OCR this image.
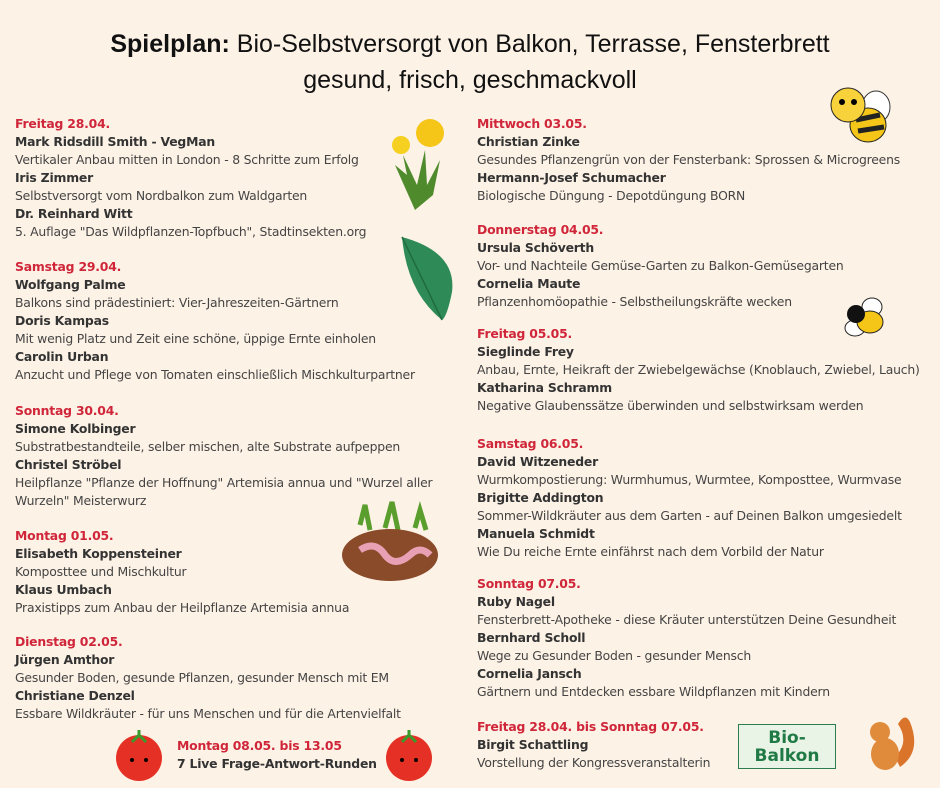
Spielplan: Bio-Selbstversorgt von Balkon, Terrasse, Fensterbrett
gesund, frisch, geschmackvoll
Freitag 28.04.
Mark Ridsdill Smith - VegMan
Vertikaler Anbau mitten in London - 8 Schritte zum Erfolg
Iris Zimmer
Selbstversorgt vom Nordbalkon zum Waldgarten
Dr. Reinhard Witt
5. Auflage "Das Wildpflanzen-Topfbuch", Stadtinsekten.org
Samstag 29.04.
Wolfgang Palme
Balkons sind prädestiniert: Vier-Jahreszeiten-Gärtnern
Doris Kampas
Mit wenig Platz und Zeit eine schöne, üppige Ernte einholen
Carolin Urban
Anzucht und Pflege von Tomaten einschließlich Mischkulturpartner
Sonntag 30.04.
Simone Kolbinger
Substratbestandteile, selber mischen, alte Substrate aufpeppen
Christel Ströbel
Heilpflanze "Pflanze der Hoffnung" Artemisia annua und "Wurzel aller Wurzeln" Meisterwurz
Montag 01.05.
Elisabeth Koppensteiner
Komposttee und Mischkultur
Klaus Umbach
Praxistipps zum Anbau der Heilpflanze Artemisia annua
Dienstag 02.05.
Jürgen Amthor
Gesunder Boden, gesunde Pflanzen, gesunder Mensch mit EM
Christiane Denzel
Essbare Wildkräuter - für uns Menschen und für die Artenvielfalt
Mittwoch 03.05.
Christian Zinke
Gesundes Pflanzengrün von der Fensterbank: Sprossen & Microgreens
Hermann-Josef Schumacher
Biologische Düngung - Depotdüngung BORN
Donnerstag 04.05.
Ursula Schöverth
Vor- und Nachteile Gemüse-Garten zu Balkon-Gemüsegarten
Cornelia Maute
Pflanzenhomöopathie - Selbstheilungskräfte wecken
Freitag 05.05.
Sieglinde Frey
Anbau, Ernte, Heikraft der Zwiebelgewächse (Knoblauch, Zwiebel, Lauch)
Katharina Schramm
Negative Glaubenssätze überwinden und selbstwirksam werden
Samstag 06.05.
David Witzeneder
Wurmkompostierung: Wurmhumus, Wurmtee, Komposttee, Wurmvase
Brigitte Addington
Sommer-Wildkräuter aus dem Garten - auf Deinen Balkon umgesiedelt
Manuela Schmidt
Wie Du reiche Ernte einfährst nach dem Vorbild der Natur
Sonntag 07.05.
Ruby Nagel
Fensterbrett-Apotheke - diese Kräuter unterstützen Deine Gesundheit
Bernhard Scholl
Wege zu Gesunder Boden - gesunder Mensch
Cornelia Jansch
Gärtnern und Entdecken essbare Wildpflanzen mit Kindern
Freitag 28.04. bis Sonntag 07.05.
Birgit Schattling
Vorstellung der Kongressveranstalterin
Montag 08.05. bis 13.05
7 Live Frage-Antwort-Runden
Bio-
Balkon
